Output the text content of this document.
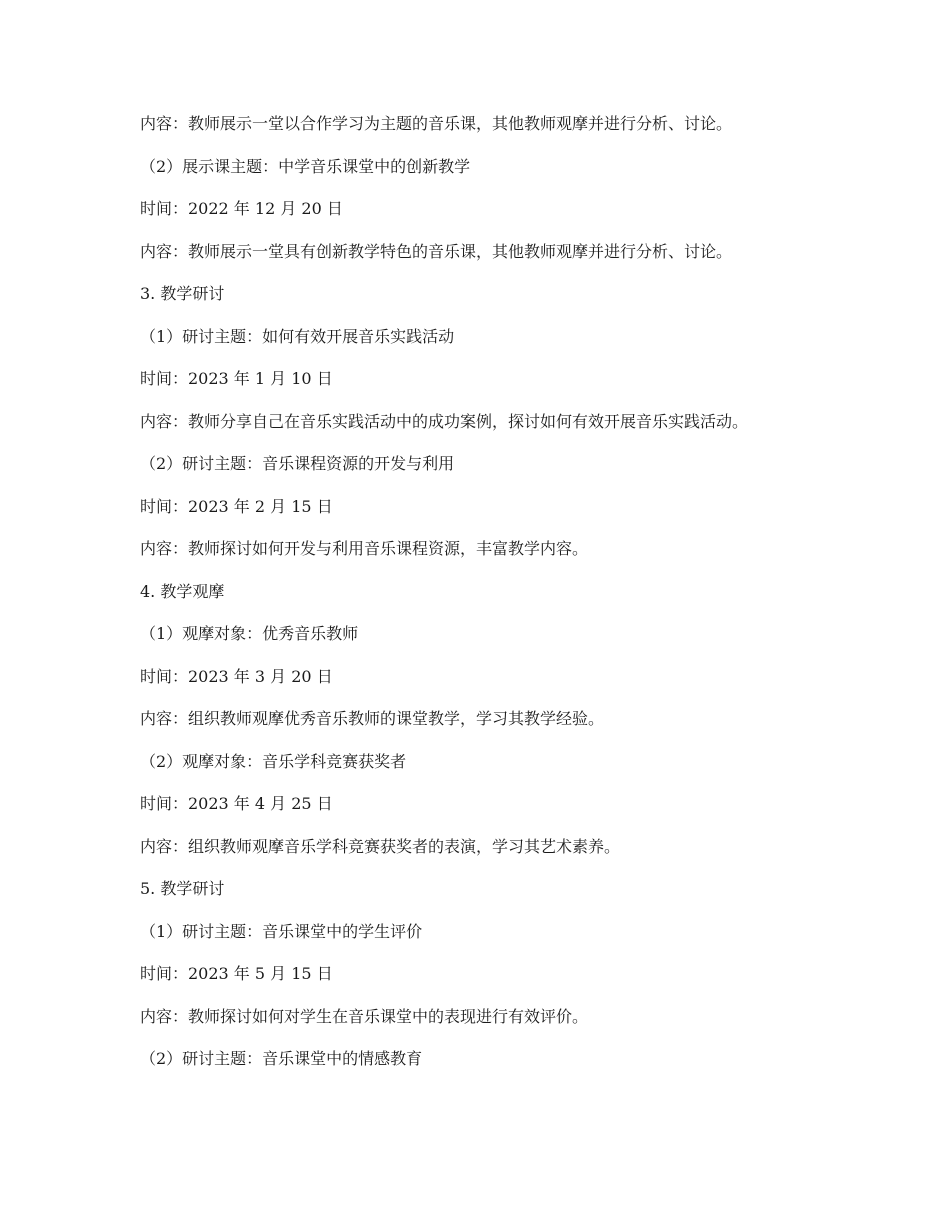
内容：教师展示一堂以合作学习为主题的音乐课，其他教师观摩并进行分析、讨论。

（2）展示课主题：中学音乐课堂中的创新教学

时间：2022 年 12 月 20 日

内容：教师展示一堂具有创新教学特色的音乐课，其他教师观摩并进行分析、讨论。

3. 教学研讨

（1）研讨主题：如何有效开展音乐实践活动

时间：2023 年 1 月 10 日

内容：教师分享自己在音乐实践活动中的成功案例，探讨如何有效开展音乐实践活动。

（2）研讨主题：音乐课程资源的开发与利用

时间：2023 年 2 月 15 日

内容：教师探讨如何开发与利用音乐课程资源，丰富教学内容。

4. 教学观摩

（1）观摩对象：优秀音乐教师

时间：2023 年 3 月 20 日

内容：组织教师观摩优秀音乐教师的课堂教学，学习其教学经验。

（2）观摩对象：音乐学科竞赛获奖者

时间：2023 年 4 月 25 日

内容：组织教师观摩音乐学科竞赛获奖者的表演，学习其艺术素养。

5. 教学研讨

（1）研讨主题：音乐课堂中的学生评价

时间：2023 年 5 月 15 日

内容：教师探讨如何对学生在音乐课堂中的表现进行有效评价。

（2）研讨主题：音乐课堂中的情感教育
